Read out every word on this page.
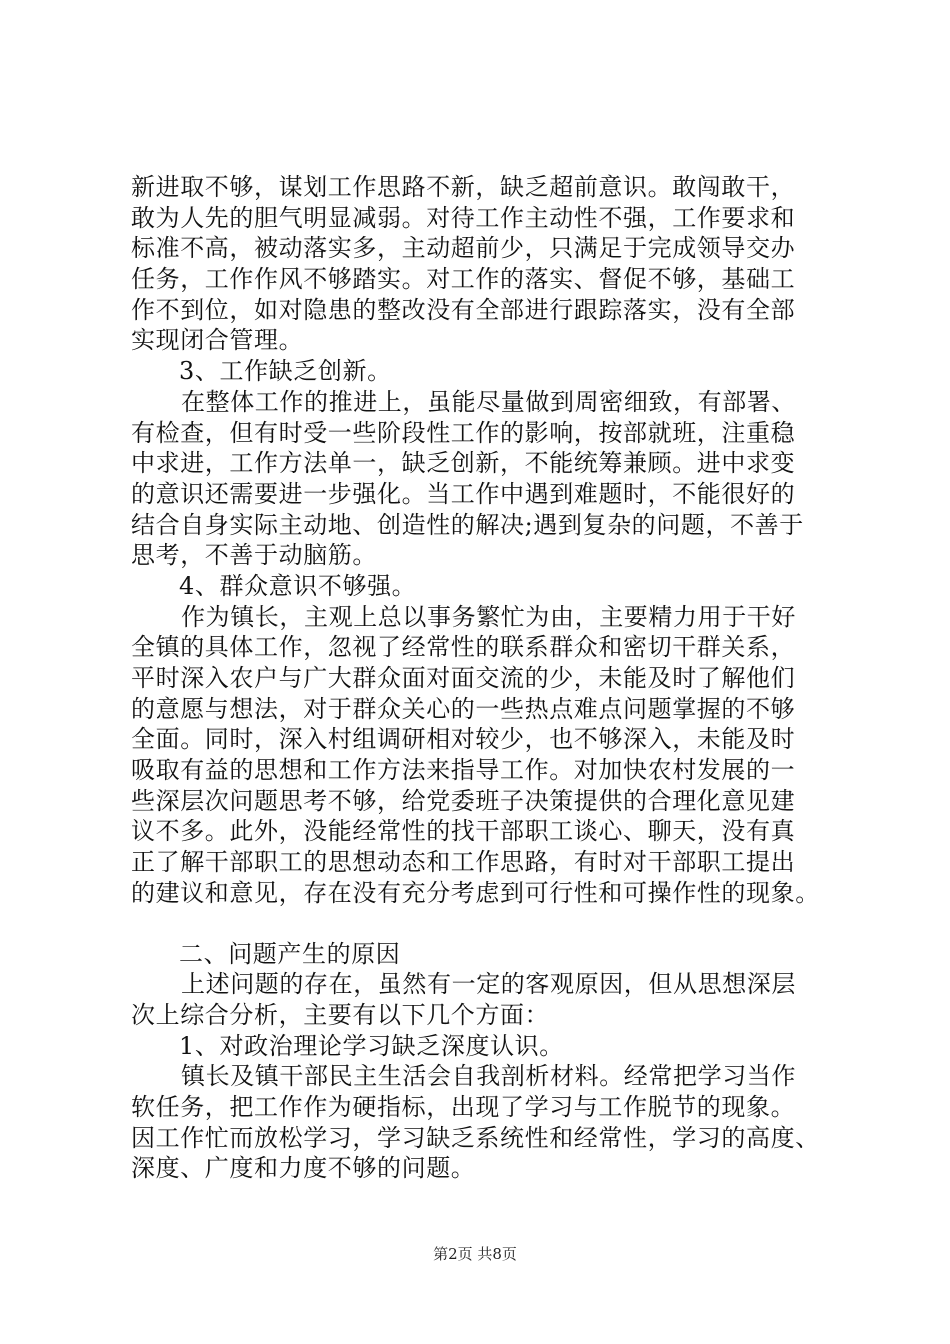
新进取不够，谋划工作思路不新，缺乏超前意识。敢闯敢干，
敢为人先的胆气明显减弱。对待工作主动性不强，工作要求和
标准不高，被动落实多，主动超前少，只满足于完成领导交办
任务，工作作风不够踏实。对工作的落实、督促不够，基础工
作不到位，如对隐患的整改没有全部进行跟踪落实，没有全部
实现闭合管理。
3、工作缺乏创新。
在整体工作的推进上，虽能尽量做到周密细致，有部署、
有检查，但有时受一些阶段性工作的影响，按部就班，注重稳
中求进，工作方法单一，缺乏创新，不能统筹兼顾。进中求变
的意识还需要进一步强化。当工作中遇到难题时，不能很好的
结合自身实际主动地、创造性的解决;遇到复杂的问题，不善于
思考，不善于动脑筋。
4、群众意识不够强。
作为镇长，主观上总以事务繁忙为由，主要精力用于干好
全镇的具体工作，忽视了经常性的联系群众和密切干群关系，
平时深入农户与广大群众面对面交流的少，未能及时了解他们
的意愿与想法，对于群众关心的一些热点难点问题掌握的不够
全面。同时，深入村组调研相对较少，也不够深入，未能及时
吸取有益的思想和工作方法来指导工作。对加快农村发展的一
些深层次问题思考不够，给党委班子决策提供的合理化意见建
议不多。此外，没能经常性的找干部职工谈心、聊天，没有真
正了解干部职工的思想动态和工作思路，有时对干部职工提出
的建议和意见，存在没有充分考虑到可行性和可操作性的现象。
二、问题产生的原因
上述问题的存在，虽然有一定的客观原因，但从思想深层
次上综合分析，主要有以下几个方面：
1、对政治理论学习缺乏深度认识。
镇长及镇干部民主生活会自我剖析材料。经常把学习当作
软任务，把工作作为硬指标，出现了学习与工作脱节的现象。
因工作忙而放松学习，学习缺乏系统性和经常性，学习的高度、
深度、广度和力度不够的问题。
第2页 共8页
